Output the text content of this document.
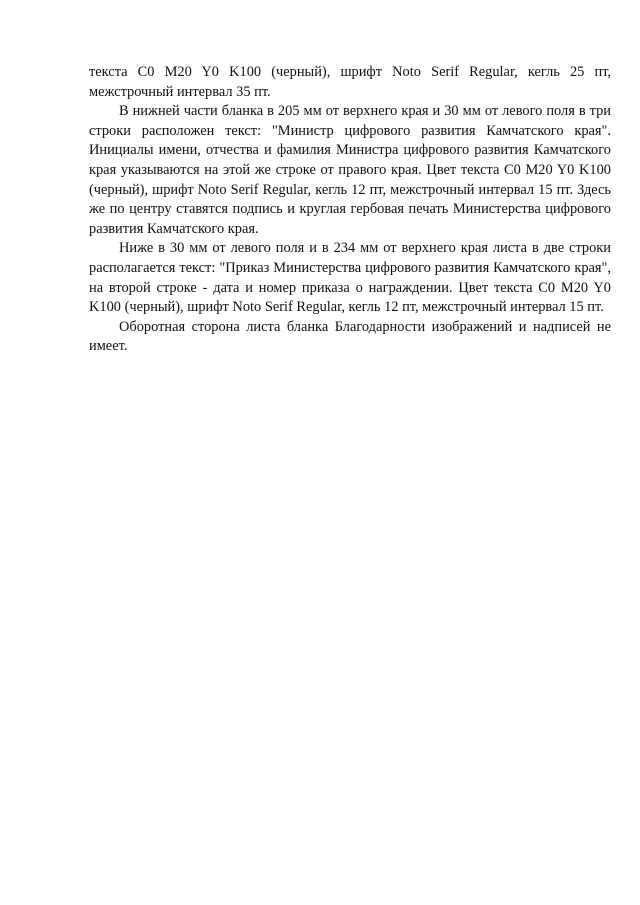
текста C0 M20 Y0 K100 (черный), шрифт Noto Serif Regular, кегль 25 пт, межстрочный интервал 35 пт.

В нижней части бланка в 205 мм от верхнего края и 30 мм от левого поля в три строки расположен текст: "Министр цифрового развития Камчатского края". Инициалы имени, отчества и фамилия Министра цифрового развития Камчатского края указываются на этой же строке от правого края. Цвет текста C0 M20 Y0 K100 (черный), шрифт Noto Serif Regular, кегль 12 пт, межстрочный интервал 15 пт. Здесь же по центру ставятся подпись и круглая гербовая печать Министерства цифрового развития Камчатского края.

Ниже в 30 мм от левого поля и в 234 мм от верхнего края листа в две строки располагается текст: "Приказ Министерства цифрового развития Камчатского края", на второй строке - дата и номер приказа о награждении. Цвет текста C0 M20 Y0 K100 (черный), шрифт Noto Serif Regular, кегль 12 пт, межстрочный интервал 15 пт.

Оборотная сторона листа бланка Благодарности изображений и надписей не имеет.
